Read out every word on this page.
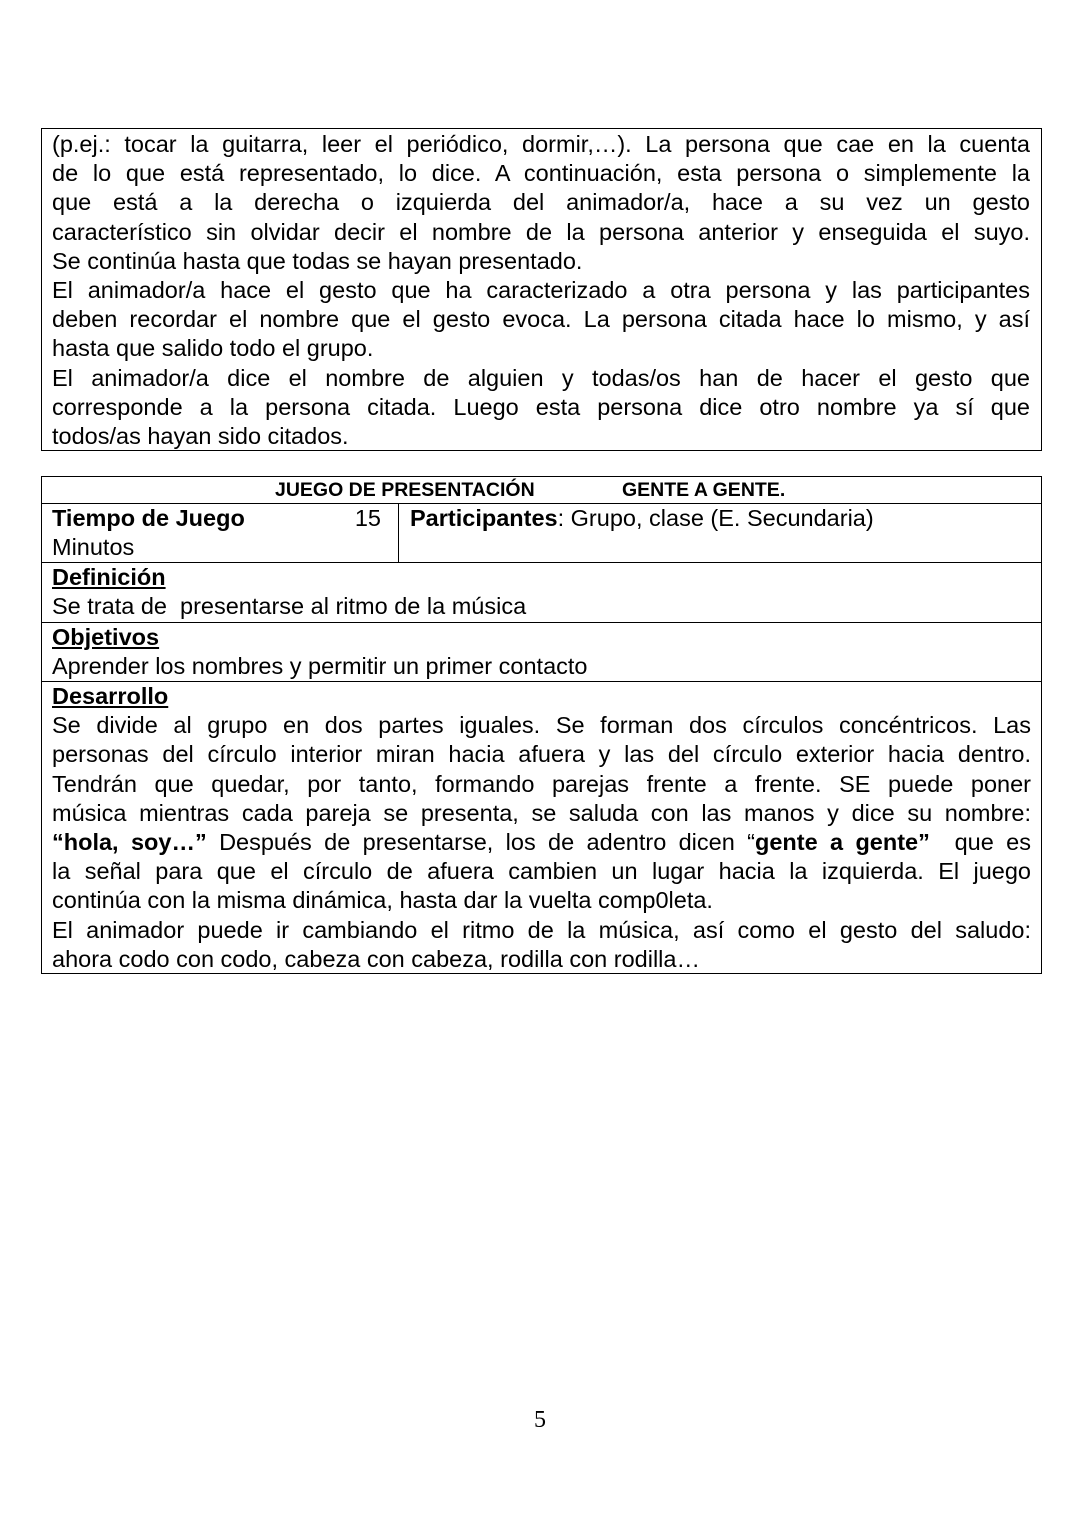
(p.ej.: tocar la guitarra, leer el periódico, dormir,…). La persona que cae en la cuenta

de lo que está representado, lo dice. A continuación, esta persona o simplemente la

que está a la derecha o izquierda del animador/a, hace a su vez un gesto

característico sin olvidar decir el nombre de la persona anterior y enseguida el suyo.

Se continúa hasta que todas se hayan presentado.

El animador/a hace el gesto que ha caracterizado a otra persona y las participantes

deben recordar el nombre que el gesto evoca. La persona citada hace lo mismo, y así

hasta que salido todo el grupo.

El animador/a dice el nombre de alguien y todas/os han de hacer el gesto que

corresponde a la persona citada. Luego esta persona dice otro nombre ya sí que

todos/as hayan sido citados.

JUEGO DE PRESENTACIÓN	GENTE A GENTE.
Tiempo de Juego	15
Minutos
Participantes: Grupo, clase (E. Secundaria)
Definición

Se trata de  presentarse al ritmo de la música

Objetivos

Aprender los nombres y permitir un primer contacto

Desarrollo

Se divide al grupo en dos partes iguales. Se forman dos círculos concéntricos. Las

personas del círculo interior miran hacia afuera y las del círculo exterior hacia dentro.

Tendrán que quedar, por tanto, formando parejas frente a frente. SE puede poner

música mientras cada pareja se presenta, se saluda con las manos y dice su nombre:

“hola, soy…” Después de presentarse, los de adentro dicen “gente a gente”  que es

la señal para que el círculo de afuera cambien un lugar hacia la izquierda. El juego

continúa con la misma dinámica, hasta dar la vuelta comp0leta.

El animador puede ir cambiando el ritmo de la música, así como el gesto del saludo:

ahora codo con codo, cabeza con cabeza, rodilla con rodilla…

5
